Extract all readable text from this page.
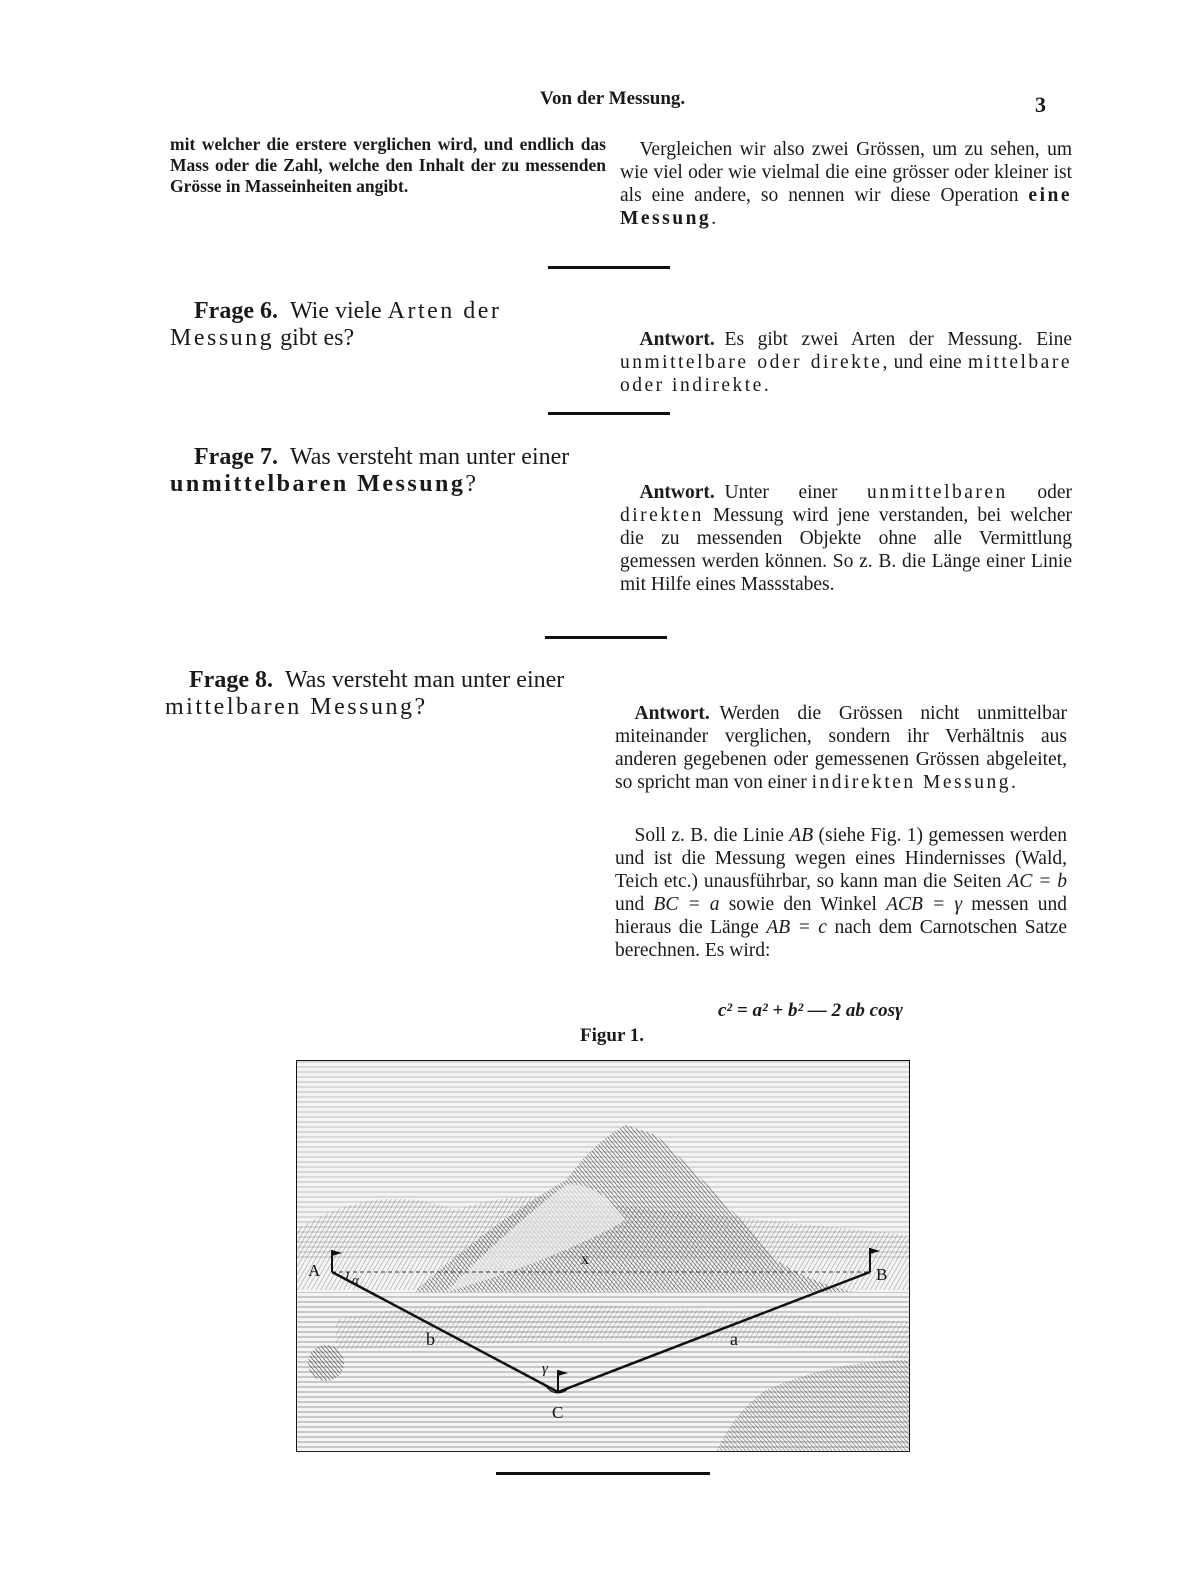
Von der Messung.	3
mit welcher die erstere verglichen wird, und endlich das Mass oder die Zahl, welche den Inhalt der zu messenden Grösse in Masseinheiten angibt.
 Vergleichen wir also zwei Grössen, um zu sehen, um wie viel oder wie vielmal die eine grösser oder kleiner ist als eine andere, so nennen wir diese Operation eine Messung.
 Frage 6.  Wie viele Arten der Messung gibt es?
 	Antwort.  Es gibt zwei Arten der Messung. Eine unmittelbare oder direkte, und eine mittelbare oder indirekte.
 Frage 7.  Was versteht man unter einer unmittelbaren Messung?
 	Antwort.  Unter einer unmittelbaren oder direkten Messung wird jene verstanden, bei welcher die zu messenden Objekte ohne alle Vermittlung gemessen werden können. So z. B. die Länge einer Linie mit Hilfe eines Massstabes.
 Frage 8.  Was versteht man unter einer mittelbaren Messung?
 	Antwort.  Werden die Grössen nicht unmittelbar miteinander verglichen, sondern ihr Verhältnis aus anderen gegebenen oder gemessenen Grössen abgeleitet, so spricht man von einer indirekten Messung.
 Soll z. B. die Linie AB (siehe Fig. 1) gemessen werden und ist die Messung wegen eines Hindernisses (Wald, Teich etc.) unausführbar, so kann man die Seiten AC = b und BC = a sowie den Winkel ACB = γ messen und hieraus die Länge AB = c nach dem Carnotschen Satze berechnen. Es wird:
c² = a² + b² — 2 ab cosγ
Figur 1.
A	B
C
b	a
x
γ
α
